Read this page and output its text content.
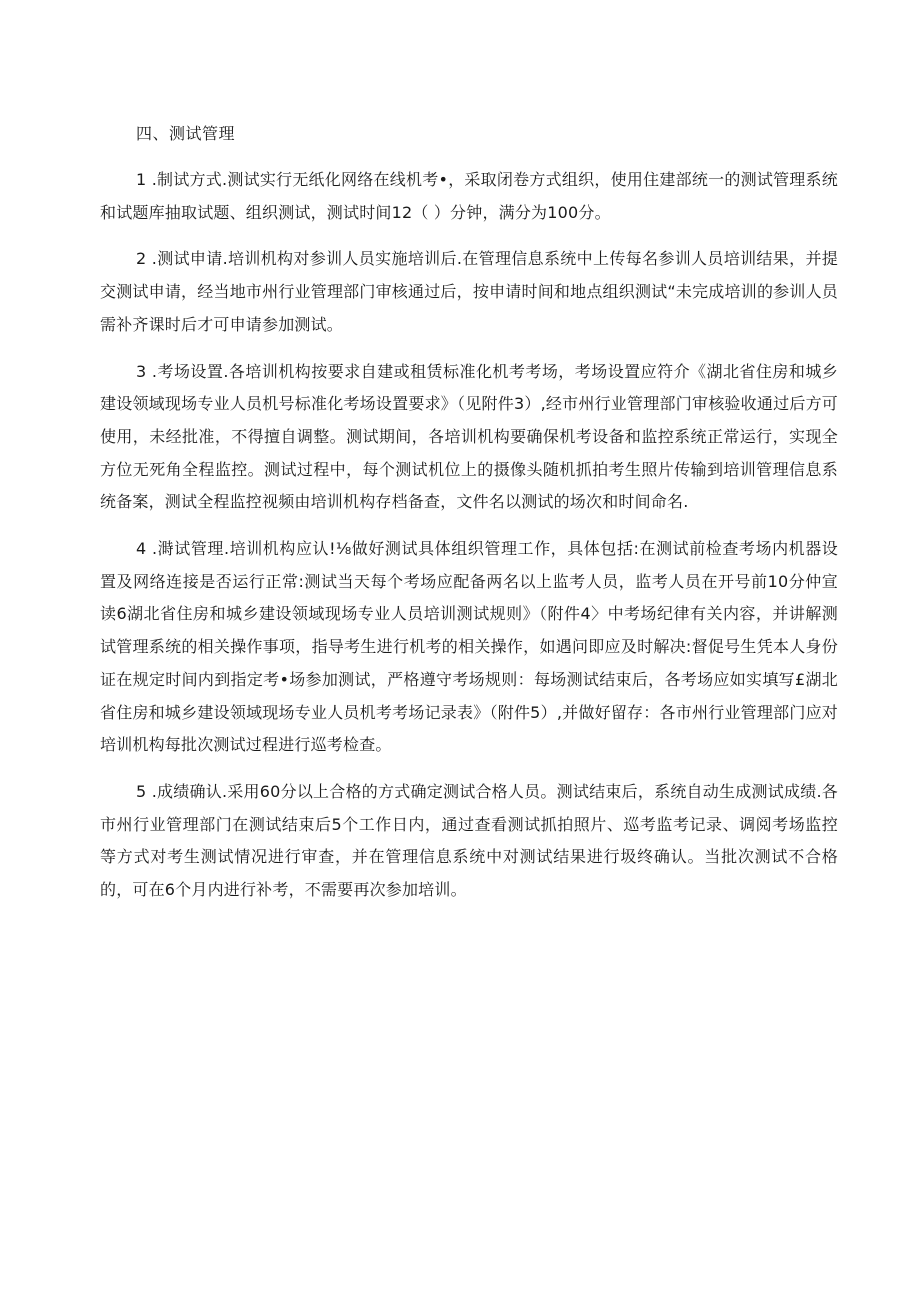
四、测试管理

1 .制试方式.测试实行无纸化网络在线机考•，采取闭卷方式组织，使用住建部统一的测试管理系统和试题库抽取试题、组织测试，测试时间12（ ）分钟，满分为100分。

2 .测试申请.培训机构对参训人员实施培训后.在管理信息系统中上传每名参训人员培训结果，并提交测试申请，经当地市州行业管理部门审核通过后，按申请时间和地点组织测试“未完成培训的参训人员需补齐课时后才可申请参加测试。

3 .考场设置.各培训机构按要求自建或租赁标准化机考考场，考场设置应符介《湖北省住房和城乡建设领域现场专业人员机号标准化考场设置要求》（见附件3）,经市州行业管理部门审核验收通过后方可使用，未经批准，不得擅自调整。测试期间，各培训机构要确保机考设备和监控系统正常运行，实现全方位无死角全程监控。测试过程中，每个测试机位上的摄像头随机抓拍考生照片传输到培训管理信息系统备案，测试全程监控视频由培训机构存档备查，文件名以测试的场次和时间命名.

4 .溡试管理.培训机构应认!⅛做好测试具体组织管理工作，具体包括:在测试前检查考场内机器设置及网络连接是否运行正常:测试当天每个考场应配备两名以上监考人员，监考人员在开号前10分仲宣读6湖北省住房和城乡建设领域现场专业人员培训测试规则》（附件4〉中考场纪律有关内容，并讲解测试管理系统的相关操作事项，指导考生进行机考的相关操作，如遇问即应及时解决:督促号生凭本人身份证在规定时间内到指定考•场参加测试，严格遵守考场规则：每场测试结束后，各考场应如实填写£湖北省住房和城乡建设领域现场专业人员机考考场记录表》（附件5）,并做好留存：各市州行业管理部门应对培训机构每批次测试过程进行巡考检查。

5 .成绩确认.采用60分以上合格的方式确定测试合格人员。测试结束后，系统自动生成测试成绩.各市州行业管理部门在测试结束后5个工作日内，通过查看测试抓拍照片、巡考监考记录、调阅考场监控等方式对考生测试情况进行审查，并在管理信息系统中对测试结果进行圾终确认。当批次测试不合格的，可在6个月内进行补考，不需要再次参加培训。
